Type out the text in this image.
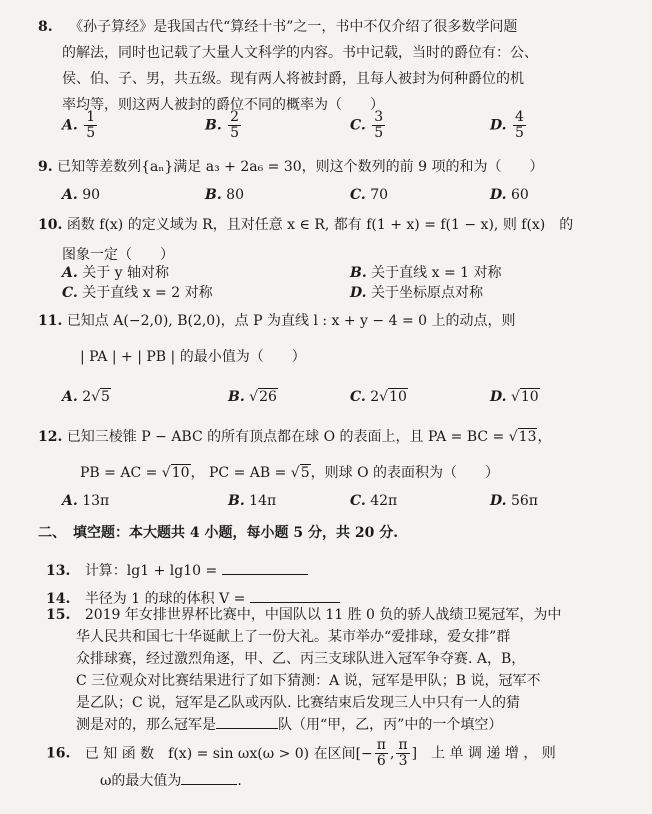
8. 《孙子算经》是我国古代“算经十书”之一，书中不仅介绍了很多数学问题
的解法，同时也记载了大量人文科学的内容。书中记载，当时的爵位有：公、
侯、伯、子、男，共五级。现有两人将被封爵，且每人被封为何种爵位的机
率均等，则这两人被封的爵位不同的概率为（　　）
A. $\frac{1}{5}$	B. $\frac{2}{5}$	C. $\frac{3}{5}$	D. $\frac{4}{5}$
9. 已知等差数列{aₙ}满足 a₃ + 2a₆ = 30，则这个数列的前 9 项的和为（　　）
A. 90	B. 80	C. 70	D. 60
10. 函数 f(x) 的定义域为 R，且对任意 x ∈ R, 都有 f(1 + x) = f(1 − x), 则 f(x)　的
图象一定（　　）
A. 关于 y 轴对称	B. 关于直线 x = 1 对称
C. 关于直线 x = 2 对称	D. 关于坐标原点对称
11. 已知点 A(−2,0), B(2,0)，点 P 为直线 l : x + y − 4 = 0 上的动点，则
| PA | + | PB | 的最小值为（　　）
A. 2√5	B. √26	C. 2√10	D. √10
12. 已知三棱锥 P − ABC 的所有顶点都在球 O 的表面上，且 PA = BC = √13，
PB = AC = √10， PC = AB = √5，则球 O 的表面积为（　　）
A. 13π	B. 14π	C. 42π	D. 56π
二、　填空题：本大题共 4 小题，每小题 5 分，共 20 分.
13. 计算：lg1 + lg10 =
14. 半径为 1 的球的体积 V =
15. 2019 年女排世界杯比赛中，中国队以 11 胜 0 负的骄人战绩卫冕冠军，为中
华人民共和国七十华诞献上了一份大礼。某市举办“爱排球，爱女排”群
众排球赛，经过激烈角逐，甲、乙、丙三支球队进入冠军争夺赛. A，B，
C 三位观众对比赛结果进行了如下猜测：A 说，冠军是甲队；B 说，冠军不
是乙队；C 说，冠军是乙队或丙队. 比赛结束后发现三人中只有一人的猜
测是对的，那么冠军是	队（用“甲，乙，丙”中的一个填空）
16. 已 知 函 数　f(x) = sin ωx(ω > 0) 在区间[− $\frac{\pi}{6}$ , $\frac{\pi}{3}$ ]　上 单 调 递 增 ， 则
ω的最大值为	.
